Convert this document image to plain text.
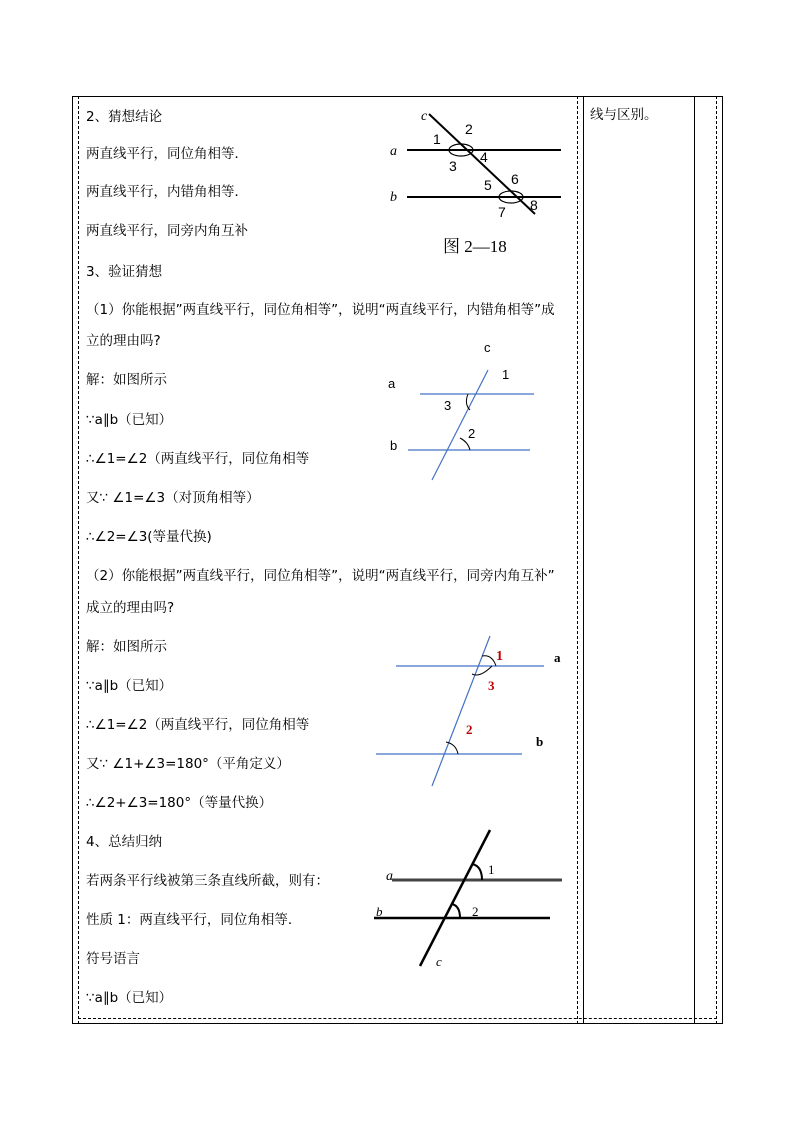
2、猜想结论
两直线平行，同位角相等．
两直线平行，内错角相等．
两直线平行，同旁内角互补
3、验证猜想
（1）你能根据”两直线平行，同位角相等”，说明“两直线平行，内错角相等”成
立的理由吗?
解：如图所示
∵a∥b（已知）
∴∠1=∠2（两直线平行，同位角相等
又∵ ∠1=∠3（对顶角相等）
∴∠2=∠3(等量代换)
（2）你能根据”两直线平行，同位角相等”，说明“两直线平行，同旁内角互补”
成立的理由吗?
解：如图所示
∵a∥b（已知）
∴∠1=∠2（两直线平行，同位角相等
又∵ ∠1+∠3=180°（平角定义）
∴∠2+∠3=180°（等量代换）
4、总结归纳
若两条平行线被第三条直线所截，则有：
性质 1：两直线平行，同位角相等．
符号语言
∵a∥b（已知）
线与区别。
c
a
b
1
2
3
4
5 6
7 8
图 2—18
c
a
b
1
3
2
1
3
2
a
b
a
b
c
1
2
